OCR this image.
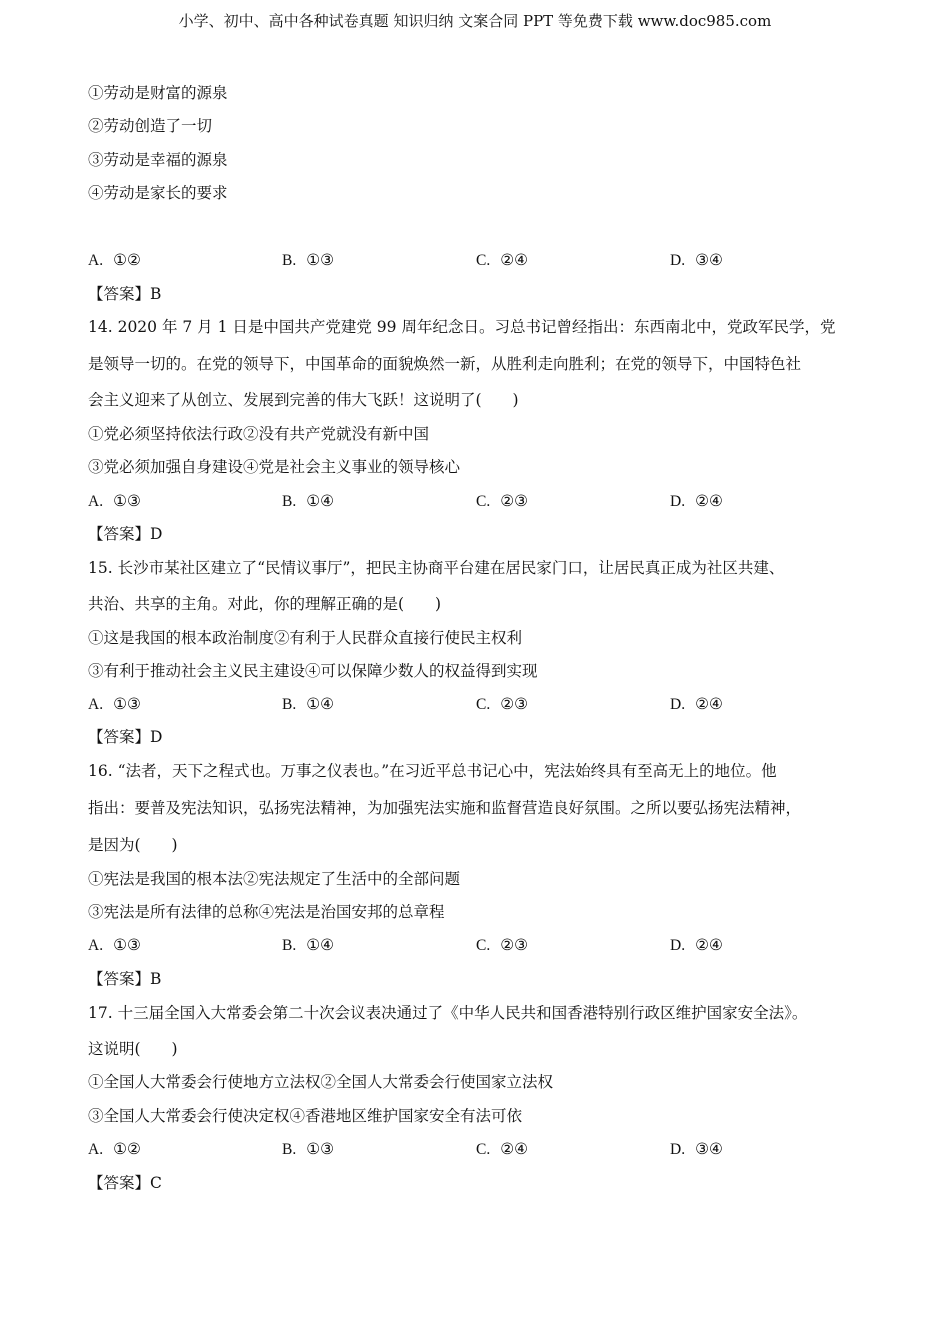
小学、初中、高中各种试卷真题 知识归纳 文案合同 PPT 等免费下载 www.doc985.com
①劳动是财富的源泉
②劳动创造了一切
③劳动是幸福的源泉
④劳动是家长的要求
A. ①②	B. ①③	C. ②④	D. ③④
【答案】B
14. 2020 年 7 月 1 日是中国共产党建党 99 周年纪念日。习总书记曾经指出：东西南北中，党政军民学，党
是领导一切的。在党的领导下，中国革命的面貌焕然一新，从胜利走向胜利；在党的领导下，中国特色社
会主义迎来了从创立、发展到完善的伟大飞跃！这说明了(　　)
①党必须坚持依法行政②没有共产党就没有新中国
③党必须加强自身建设④党是社会主义事业的领导核心
A. ①③	B. ①④	C. ②③	D. ②④
【答案】D
15. 长沙市某社区建立了“民情议事厅”，把民主协商平台建在居民家门口，让居民真正成为社区共建、
共治、共享的主角。对此，你的理解正确的是(　　)
①这是我国的根本政治制度②有利于人民群众直接行使民主权利
③有利于推动社会主义民主建设④可以保障少数人的权益得到实现
A. ①③	B. ①④	C. ②③	D. ②④
【答案】D
16. “法者，天下之程式也。万事之仪表也。”在习近平总书记心中，宪法始终具有至高无上的地位。他
指出：要普及宪法知识，弘扬宪法精神，为加强宪法实施和监督营造良好氛围。之所以要弘扬宪法精神，
是因为(　　)
①宪法是我国的根本法②宪法规定了生活中的全部问题
③宪法是所有法律的总称④宪法是治国安邦的总章程
A. ①③	B. ①④	C. ②③	D. ②④
【答案】B
17. 十三届全国入大常委会第二十次会议表决通过了《中华人民共和国香港特别行政区维护国家安全法》。
这说明(　　)
①全国人大常委会行使地方立法权②全国人大常委会行使国家立法权
③全国人大常委会行使决定权④香港地区维护国家安全有法可依
A. ①②	B. ①③	C. ②④	D. ③④
【答案】C
